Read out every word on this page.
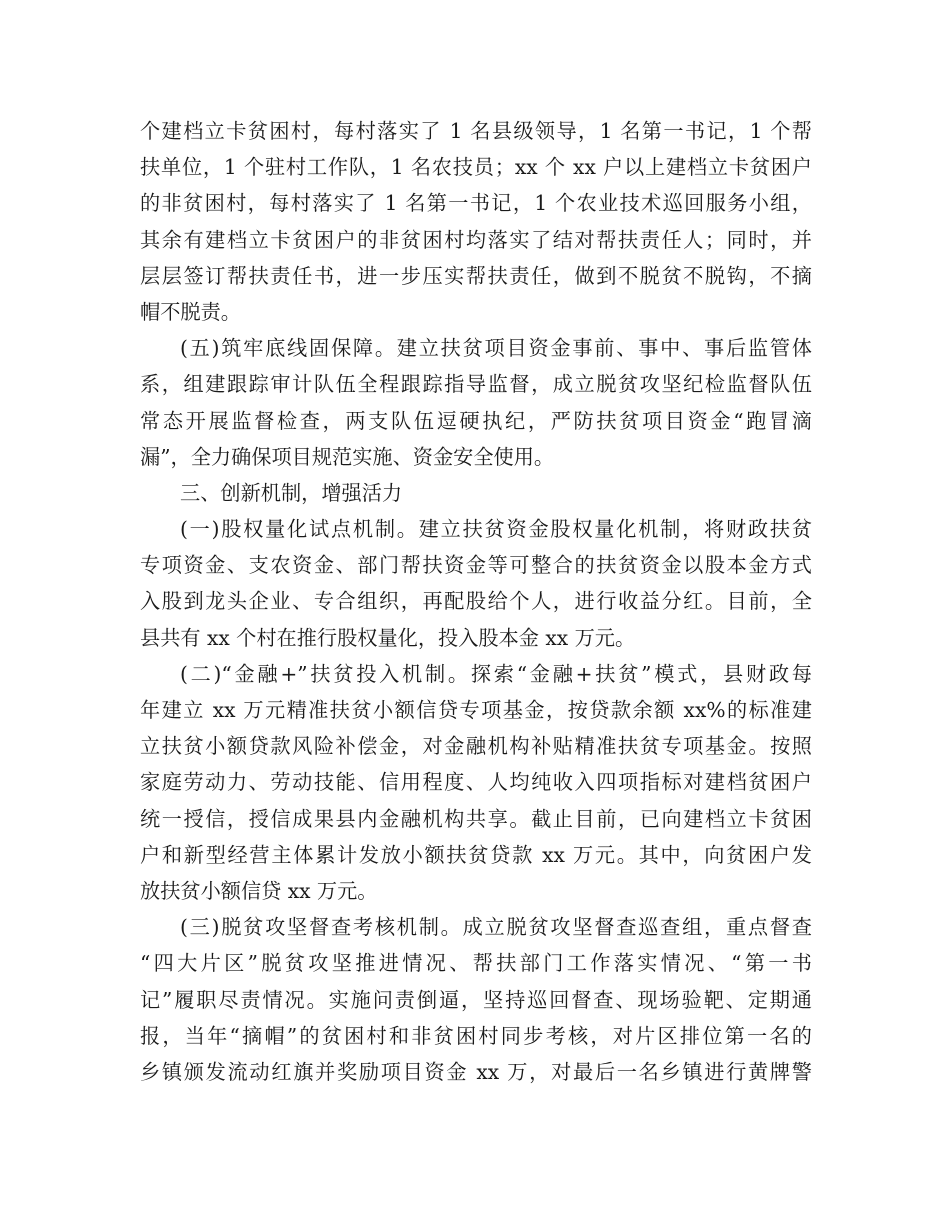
个建档立卡贫困村，每村落实了 1 名县级领导，1 名第一书记，1 个帮
扶单位，1 个驻村工作队，1 名农技员；xx 个 xx 户以上建档立卡贫困户
的非贫困村，每村落实了 1 名第一书记，1 个农业技术巡回服务小组，
其余有建档立卡贫困户的非贫困村均落实了结对帮扶责任人；同时，并
层层签订帮扶责任书，进一步压实帮扶责任，做到不脱贫不脱钩，不摘
帽不脱责。
(五)筑牢底线固保障。建立扶贫项目资金事前、事中、事后监管体
系，组建跟踪审计队伍全程跟踪指导监督，成立脱贫攻坚纪检监督队伍
常态开展监督检查，两支队伍逗硬执纪，严防扶贫项目资金“跑冒滴
漏”，全力确保项目规范实施、资金安全使用。
三、创新机制，增强活力
(一)股权量化试点机制。建立扶贫资金股权量化机制，将财政扶贫
专项资金、支农资金、部门帮扶资金等可整合的扶贫资金以股本金方式
入股到龙头企业、专合组织，再配股给个人，进行收益分红。目前，全
县共有 xx 个村在推行股权量化，投入股本金 xx 万元。
(二)“金融+”扶贫投入机制。探索“金融+扶贫”模式，县财政每
年建立 xx 万元精准扶贫小额信贷专项基金，按贷款余额 xx%的标准建
立扶贫小额贷款风险补偿金，对金融机构补贴精准扶贫专项基金。按照
家庭劳动力、劳动技能、信用程度、人均纯收入四项指标对建档贫困户
统一授信，授信成果县内金融机构共享。截止目前，已向建档立卡贫困
户和新型经营主体累计发放小额扶贫贷款 xx 万元。其中，向贫困户发
放扶贫小额信贷 xx 万元。
(三)脱贫攻坚督查考核机制。成立脱贫攻坚督查巡查组，重点督查
“四大片区”脱贫攻坚推进情况、帮扶部门工作落实情况、“第一书
记”履职尽责情况。实施问责倒逼，坚持巡回督查、现场验靶、定期通
报，当年“摘帽”的贫困村和非贫困村同步考核，对片区排位第一名的
乡镇颁发流动红旗并奖励项目资金 xx 万，对最后一名乡镇进行黄牌警
